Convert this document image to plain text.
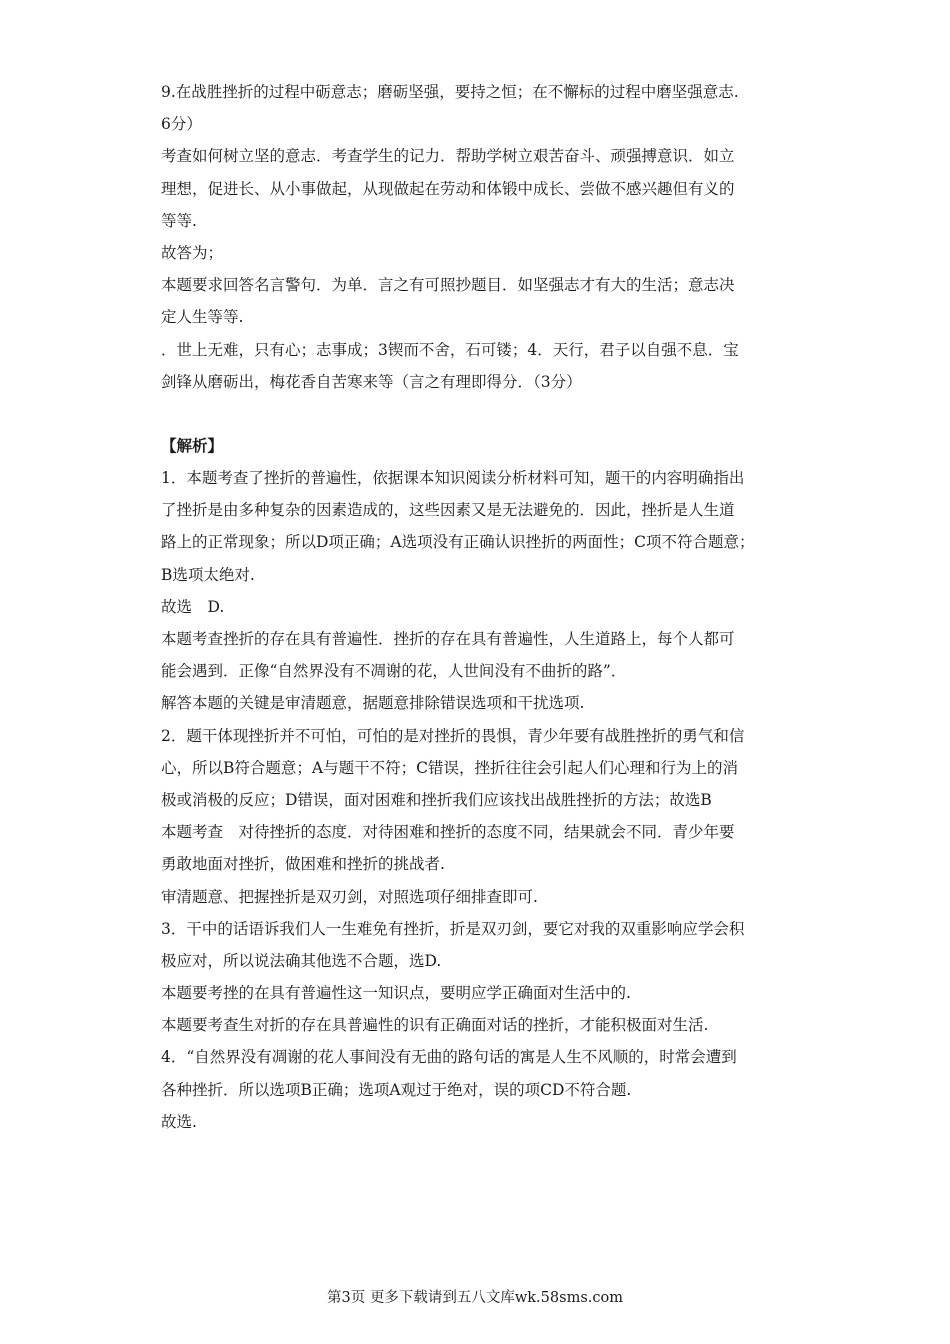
9.在战胜挫折的过程中砺意志；磨砺坚强，要持之恒；在不懈标的过程中磨坚强意志.

6分）

考查如何树立坚的意志．考查学生的记力．帮助学树立艰苦奋斗、顽强搏意识．如立

理想，促进长、从小事做起，从现做起在劳动和体锻中成长、尝做不感兴趣但有义的

等等.

故答为；

本题要求回答名言警句．为单．言之有可照抄题目．如坚强志才有大的生活；意志决

定人生等等.

．世上无难，只有心；志事成；3锲而不舍，石可镂；4．天行，君子以自强不息．宝

剑锋从磨砺出，梅花香自苦寒来等（言之有理即得分．（3分）

【解析】

1．本题考查了挫折的普遍性，依据课本知识阅读分析材料可知，题干的内容明确指出

了挫折是由多种复杂的因素造成的，这些因素又是无法避免的．因此，挫折是人生道

路上的正常现象；所以D项正确；A选项没有正确认识挫折的两面性；C项不符合题意；

B选项太绝对.

故选　D.

本题考查挫折的存在具有普遍性．挫折的存在具有普遍性，人生道路上，每个人都可

能会遇到．正像“自然界没有不凋谢的花，人世间没有不曲折的路”．

解答本题的关键是审清题意，据题意排除错误选项和干扰选项.

2．题干体现挫折并不可怕，可怕的是对挫折的畏惧，青少年要有战胜挫折的勇气和信

心，所以B符合题意；A与题干不符；C错误，挫折往往会引起人们心理和行为上的消

极或消极的反应；D错误，面对困难和挫折我们应该找出战胜挫折的方法；故选B

本题考查　对待挫折的态度．对待困难和挫折的态度不同，结果就会不同．青少年要

勇敢地面对挫折，做困难和挫折的挑战者.

审清题意、把握挫折是双刃剑，对照选项仔细排查即可.

3．干中的话语诉我们人一生难免有挫折，折是双刃剑，要它对我的双重影响应学会积

极应对，所以说法确其他选不合题，选D.

本题要考挫的在具有普遍性这一知识点，要明应学正确面对生活中的.

本题要考查生对折的存在具普遍性的识有正确面对话的挫折，才能积极面对生活.

4．“自然界没有凋谢的花人事间没有无曲的路句话的寓是人生不风顺的，时常会遭到

各种挫折．所以选项B正确；选项A观过于绝对，误的项CD不符合题.

故选.

第3页 更多下载请到五八文库wk.58sms.com
